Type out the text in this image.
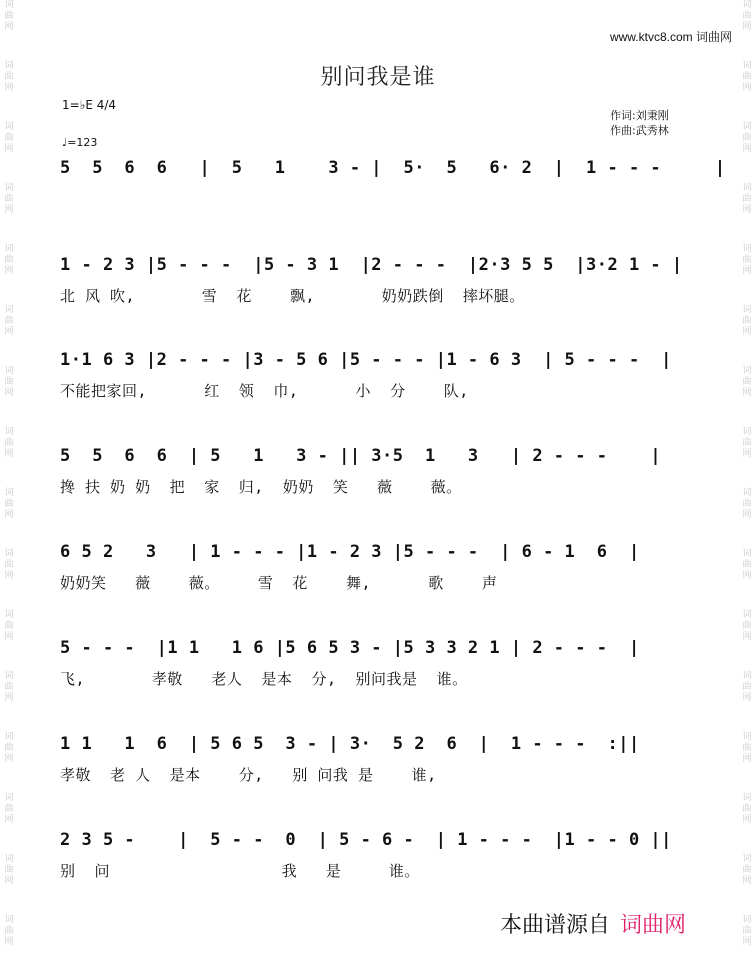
词 曲 网
词 曲 网
词 曲 网
词 曲 网
词 曲 网
词 曲 网
词 曲 网
词 曲 网
词 曲 网
词 曲 网
词 曲 网
词 曲 网
词 曲 网
词 曲 网
词 曲 网
词 曲 网
词 曲 网
词 曲 网
词 曲 网
词 曲 网
词 曲 网
词 曲 网
词 曲 网
词 曲 网
词 曲 网
词 曲 网
词 曲 网
词 曲 网
词 曲 网
词 曲 网
词 曲 网
词 曲 网
www.ktvc8.com 词曲网
别问我是谁
1=♭E 4/4
♩=123
作词:刘秉刚
作曲:武秀林
5  5  6  6   |  5   1    3 - |  5·  5   6· 2  |  1 - - -     |
1 - 2 3 |5 - - -  |5 - 3 1  |2 - - -  |2·3 5 5  |3·2 1 - |
北 风 吹,       雪  花    飘,       奶奶跌倒  摔坏腿。
1·1 6 3 |2 - - - |3 - 5 6 |5 - - - |1 - 6 3  | 5 - - -  |
不能把家回,      红  领  巾,      小  分    队,
5  5  6  6  | 5   1   3 - || 3·5  1   3   | 2 - - -    |
搀 扶 奶 奶  把  家  归,  奶奶  笑   薇    薇。
6 5 2   3   | 1 - - - |1 - 2 3 |5 - - -  | 6 - 1  6  |
奶奶笑   薇    薇。    雪  花    舞,      歌    声
5 - - -  |1 1   1 6 |5 6 5 3 - |5 3 3 2 1 | 2 - - -  |
飞,       孝敬   老人  是本  分,  别问我是  谁。
1 1   1  6  | 5 6 5  3 - | 3·  5 2  6  |  1 - - -  :||
孝敬  老 人  是本    分,   别 问我 是    谁,
2 3 5 -    |  5 - -  0  | 5 - 6 -  | 1 - - -  |1 - - 0 ||
别  问                  我   是     谁。
本曲谱源自 词曲网
